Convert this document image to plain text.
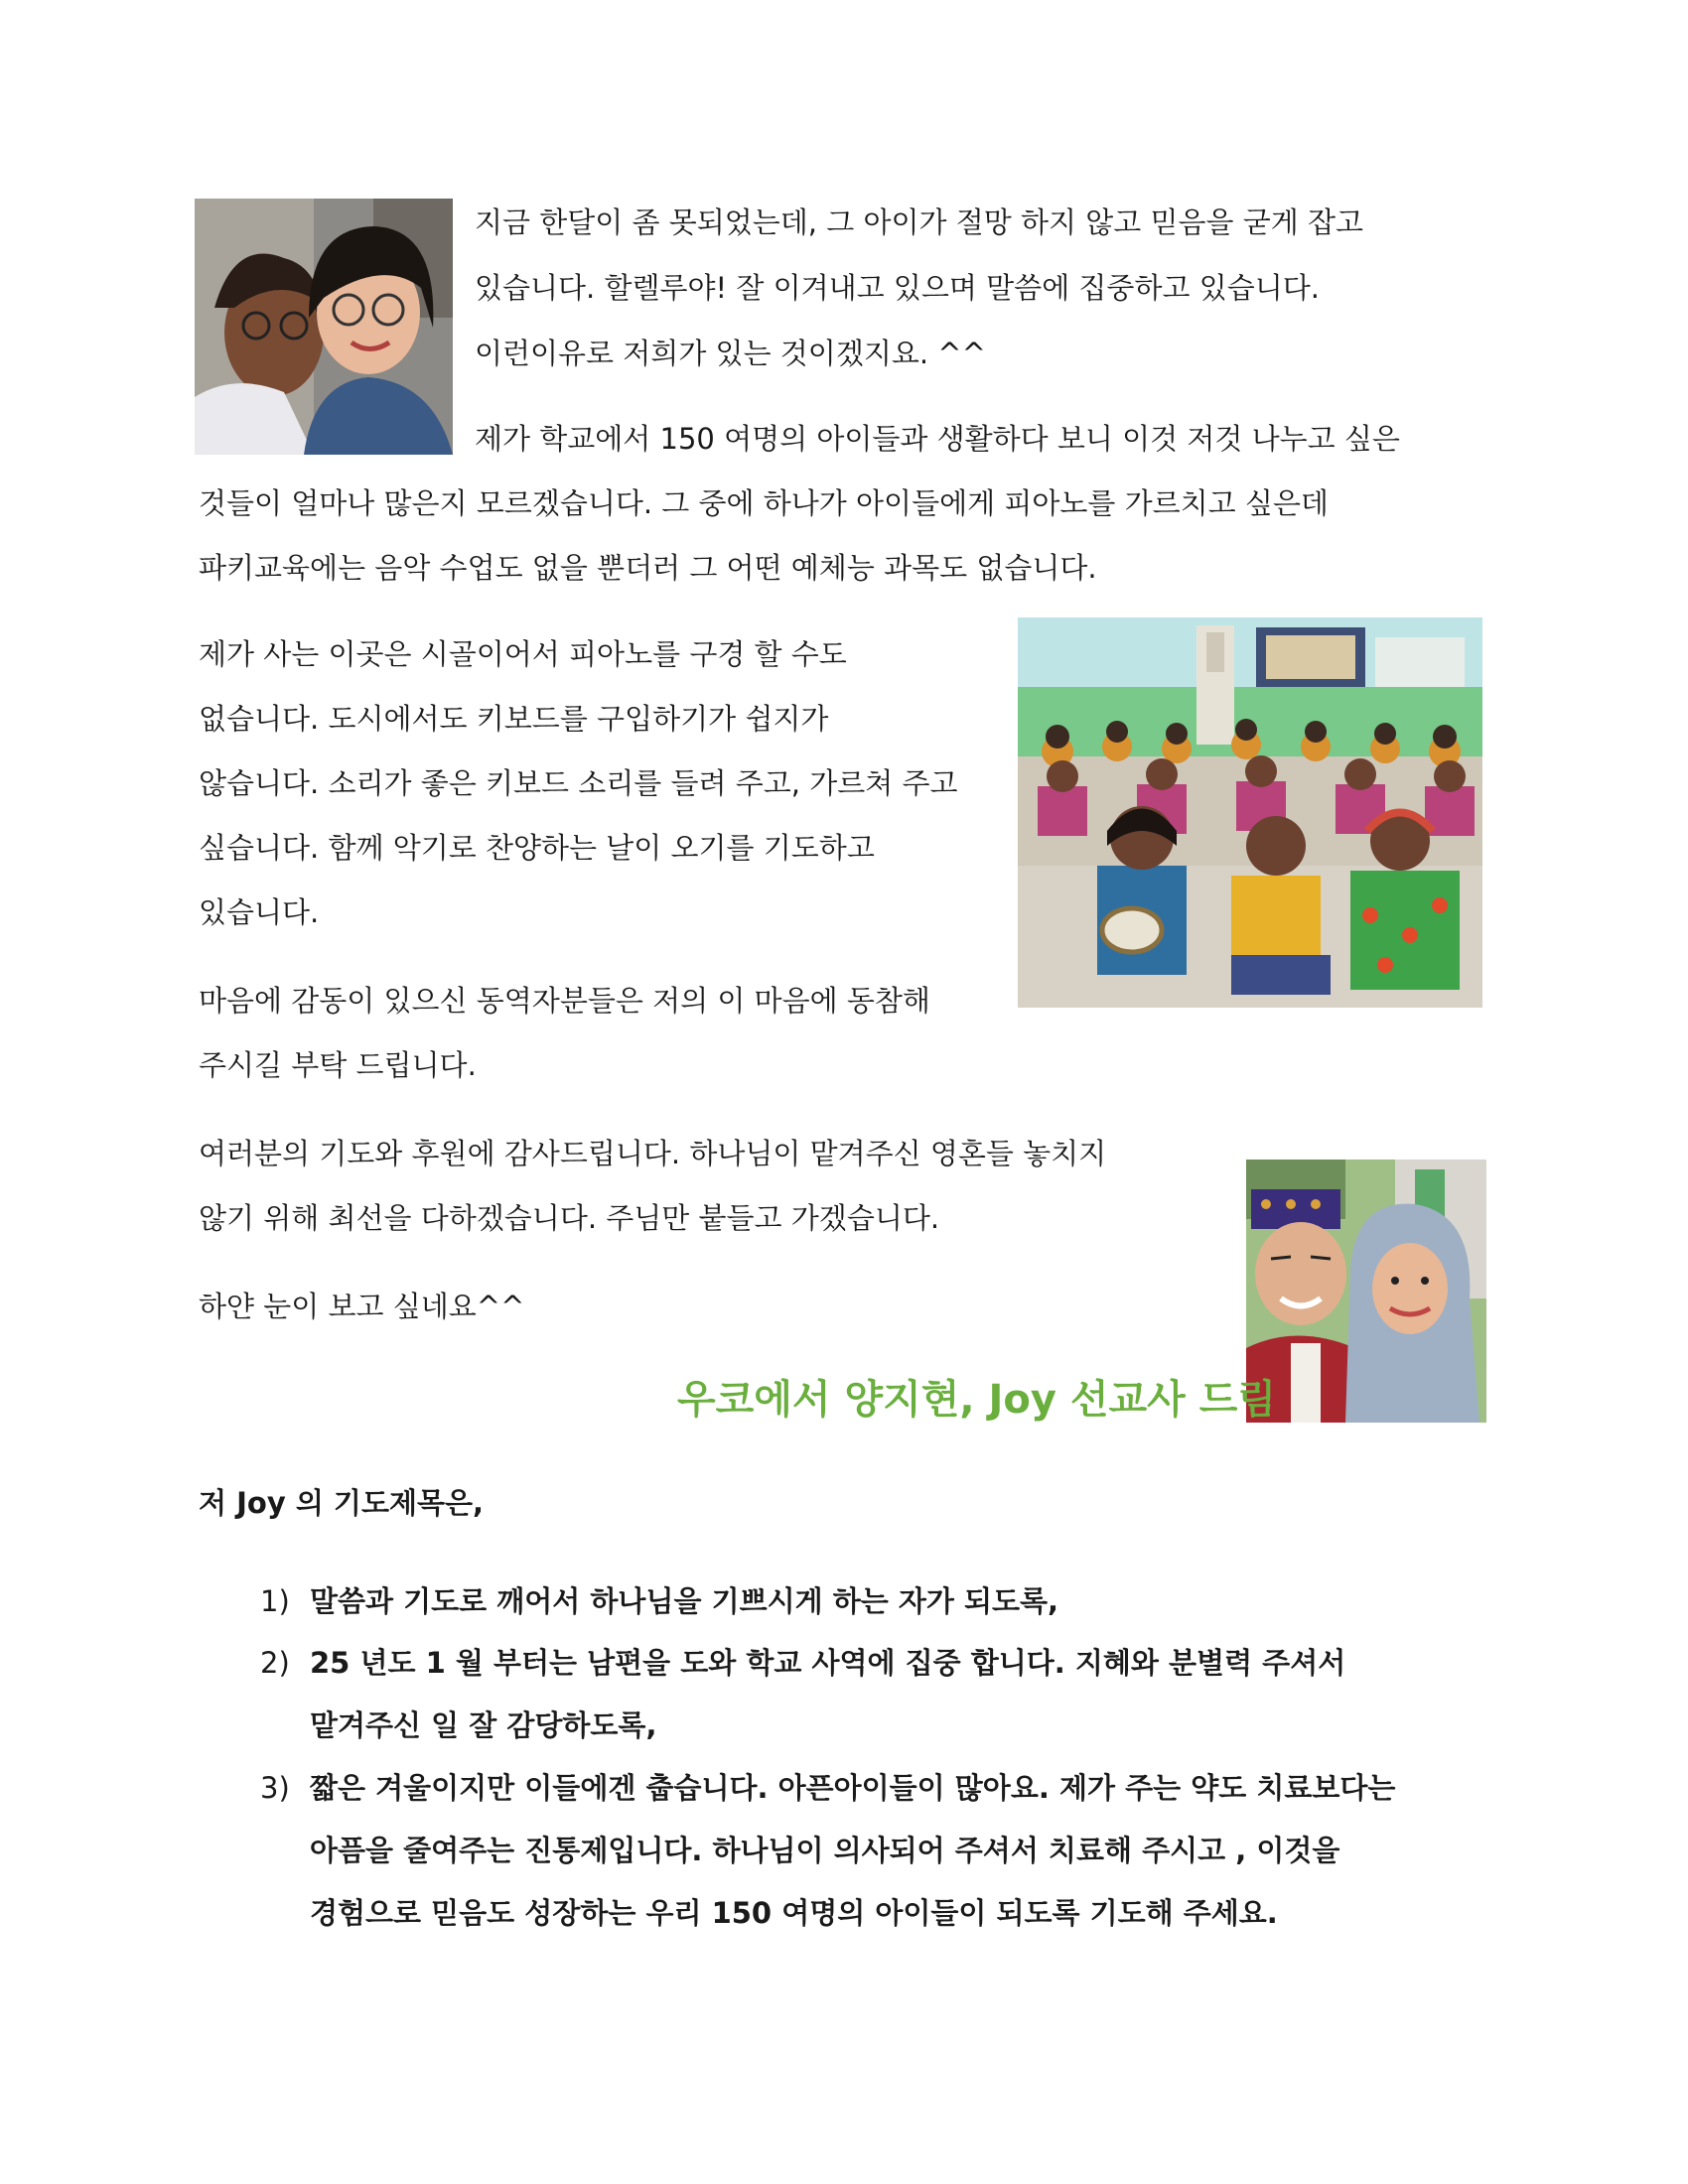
지금 한달이 좀 못되었는데, 그 아이가 절망 하지 않고 믿음을 굳게 잡고
있습니다. 할렐루야! 잘 이겨내고 있으며 말씀에 집중하고 있습니다.
이런이유로 저희가 있는 것이겠지요. ^^
제가 학교에서 150 여명의 아이들과 생활하다 보니 이것 저것 나누고 싶은
것들이 얼마나 많은지 모르겠습니다. 그 중에 하나가 아이들에게 피아노를 가르치고 싶은데
파키교육에는 음악 수업도 없을 뿐더러 그 어떤 예체능 과목도 없습니다.
제가 사는 이곳은 시골이어서 피아노를 구경 할 수도
없습니다. 도시에서도 키보드를 구입하기가 쉽지가
않습니다. 소리가 좋은 키보드 소리를 들려 주고, 가르쳐 주고
싶습니다. 함께 악기로 찬양하는 날이 오기를 기도하고
있습니다.
마음에 감동이 있으신 동역자분들은 저의 이 마음에 동참해
주시길 부탁 드립니다.
여러분의 기도와 후원에 감사드립니다. 하나님이 맡겨주신 영혼들 놓치지
않기 위해 최선을 다하겠습니다. 주님만 붙들고 가겠습니다.
하얀 눈이 보고 싶네요^^
우코에서 양지현, Joy 선교사 드림
저 Joy 의 기도제목은,
1) 말씀과 기도로 깨어서 하나님을 기쁘시게 하는 자가 되도록,
2) 25 년도 1 월 부터는 남편을 도와 학교 사역에 집중 합니다. 지혜와 분별력 주셔서
맡겨주신 일 잘 감당하도록,
3) 짧은 겨울이지만 이들에겐 춥습니다. 아픈아이들이 많아요. 제가 주는 약도 치료보다는
아픔을 줄여주는 진통제입니다. 하나님이 의사되어 주셔서 치료해 주시고 , 이것을
경험으로 믿음도 성장하는 우리 150 여명의 아이들이 되도록 기도해 주세요.
